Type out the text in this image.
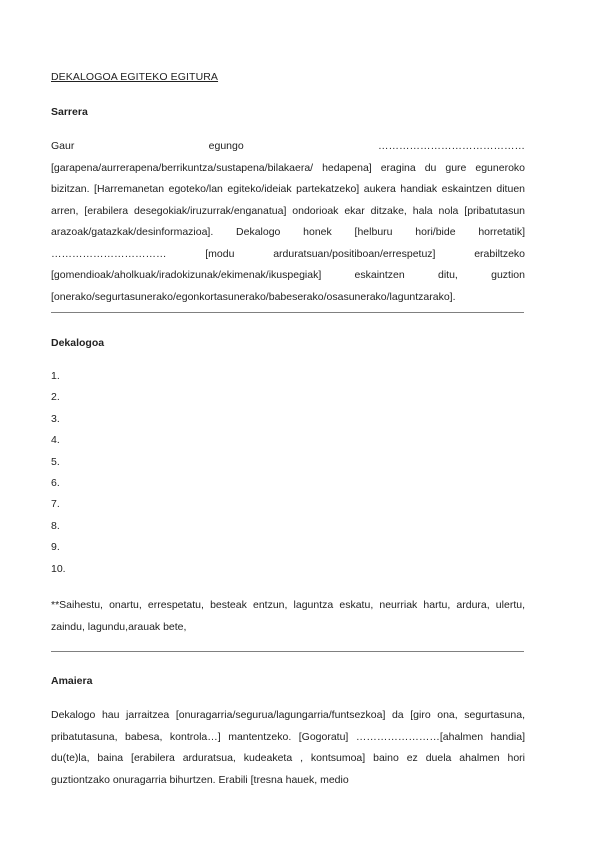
DEKALOGOA EGITEKO EGITURA
Sarrera

Gaur egungo …………………………………… [garapena/aurrerapena/berrikuntza/sustapena/bilakaera/ hedapena] eragina du gure eguneroko bizitzan. [Harremanetan egoteko/lan egiteko/ideiak partekatzeko] aukera handiak eskaintzen dituen arren, [erabilera desegokiak/iruzurrak/enganatua] ondorioak ekar ditzake, hala nola [pribatutasun arazoak/gatazkak/desinformazioa]. Dekalogo honek [helburu hori/bide horretatik] …………………………… [modu arduratsuan/positiboan/errespetuz] erabiltzeko [gomendioak/aholkuak/iradokizunak/ekimenak/ikuspegiak] eskaintzen ditu, guztion [onerako/segurtasunerako/egonkortasunerako/babeserako/osasunerako/laguntzarako].

Dekalogoa
1.
2.
3.
4.
5.
6.
7.
8.
9.
10.

**Saihestu, onartu, errespetatu, besteak entzun, laguntza eskatu, neurriak hartu, ardura, ulertu, zaindu, lagundu,arauak bete,

Amaiera

Dekalogo hau jarraitzea [onuragarria/segurua/lagungarria/funtsezkoa] da [giro ona, segurtasuna, pribatutasuna, babesa, kontrola…] mantentzeko. [Gogoratu] ……………………[ahalmen handia] du(te)la, baina [erabilera arduratsua, kudeaketa , kontsumoa] baino ez duela ahalmen hori guztiontzako onuragarria bihurtzen. Erabili [tresna hauek, medio
